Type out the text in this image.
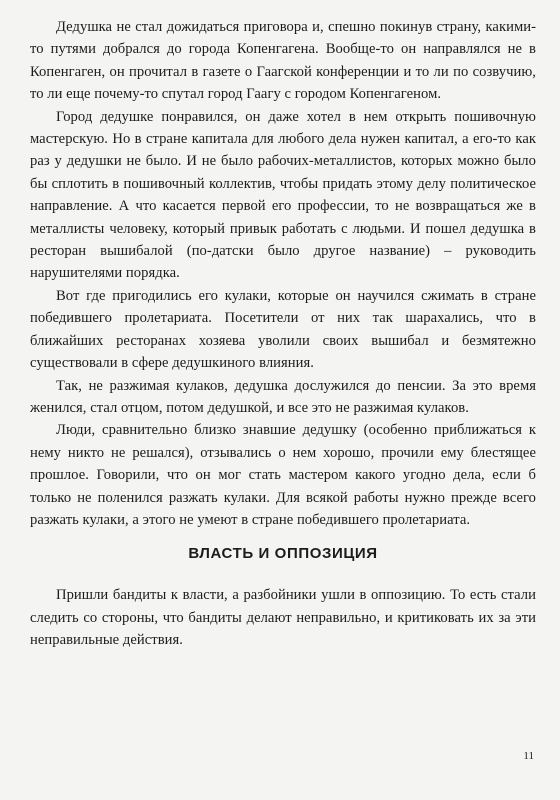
Дедушка не стал дожидаться приговора и, спешно покинув страну, какими-то путями добрался до города Копенгагена. Вообще-то он направлялся не в Копенгаген, он прочитал в газете о Гаагской конференции и то ли по созвучию, то ли еще почему-то спутал город Гаагу с городом Копенгагеном.

Город дедушке понравился, он даже хотел в нем открыть пошивочную мастерскую. Но в стране капитала для любого дела нужен капитал, а его-то как раз у дедушки не было. И не было рабочих-металлистов, которых можно было бы сплотить в пошивочный коллектив, чтобы придать этому делу политическое направление. А что касается первой его профессии, то не возвращаться же в металлисты человеку, который привык работать с людьми. И пошел дедушка в ресторан вышибалой (по-датски было другое название) – руководить нарушителями порядка.

Вот где пригодились его кулаки, которые он научился сжимать в стране победившего пролетариата. Посетители от них так шарахались, что в ближайших ресторанах хозяева уволили своих вышибал и безмятежно существовали в сфере дедушкиного влияния.

Так, не разжимая кулаков, дедушка дослужился до пенсии. За это время женился, стал отцом, потом дедушкой, и все это не разжимая кулаков.

Люди, сравнительно близко знавшие дедушку (особенно приближаться к нему никто не решался), отзывались о нем хорошо, прочили ему блестящее прошлое. Говорили, что он мог стать мастером какого угодно дела, если б только не поленился разжать кулаки. Для всякой работы нужно прежде всего разжать кулаки, а этого не умеют в стране победившего пролетариата.

ВЛАСТЬ И ОППОЗИЦИЯ

Пришли бандиты к власти, а разбойники ушли в оппозицию. То есть стали следить со стороны, что бандиты делают неправильно, и критиковать их за эти неправильные действия.

11
